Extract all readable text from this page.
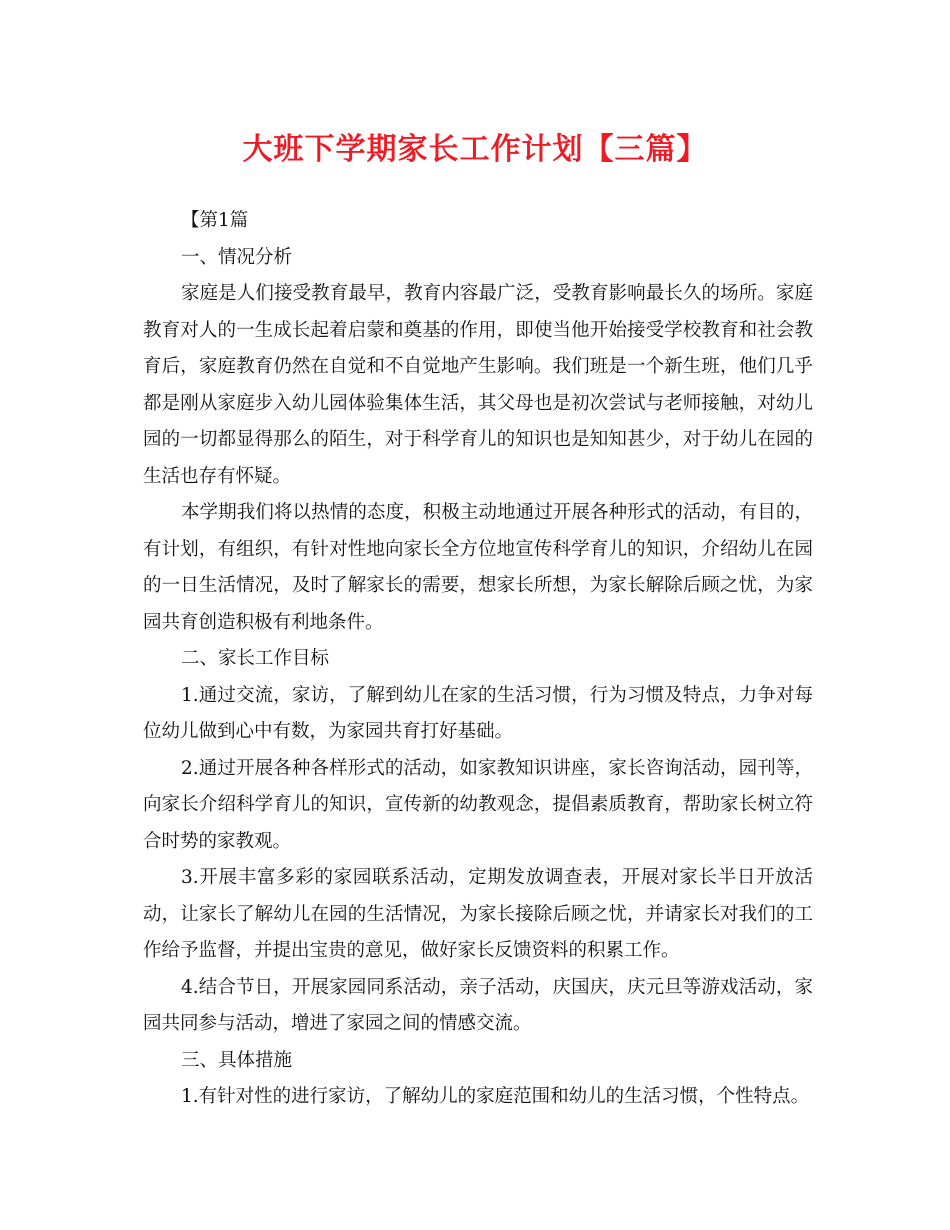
大班下学期家长工作计划【三篇】

【第1篇

一、情况分析

家庭是人们接受教育最早，教育内容最广泛，受教育影响最长久的场所。家庭教育对人的一生成长起着启蒙和奠基的作用，即使当他开始接受学校教育和社会教育后，家庭教育仍然在自觉和不自觉地产生影响。我们班是一个新生班，他们几乎都是刚从家庭步入幼儿园体验集体生活，其父母也是初次尝试与老师接触，对幼儿园的一切都显得那么的陌生，对于科学育儿的知识也是知知甚少，对于幼儿在园的生活也存有怀疑。

本学期我们将以热情的态度，积极主动地通过开展各种形式的活动，有目的，有计划，有组织，有针对性地向家长全方位地宣传科学育儿的知识，介绍幼儿在园的一日生活情况，及时了解家长的需要，想家长所想，为家长解除后顾之忧，为家园共育创造积极有利地条件。

二、家长工作目标

1.通过交流，家访，了解到幼儿在家的生活习惯，行为习惯及特点，力争对每位幼儿做到心中有数，为家园共育打好基础。

2.通过开展各种各样形式的活动，如家教知识讲座，家长咨询活动，园刊等，向家长介绍科学育儿的知识，宣传新的幼教观念，提倡素质教育，帮助家长树立符合时势的家教观。

3.开展丰富多彩的家园联系活动，定期发放调查表，开展对家长半日开放活动，让家长了解幼儿在园的生活情况，为家长接除后顾之忧，并请家长对我们的工作给予监督，并提出宝贵的意见，做好家长反馈资料的积累工作。

4.结合节日，开展家园同系活动，亲子活动，庆国庆，庆元旦等游戏活动，家园共同参与活动，增进了家园之间的情感交流。

三、具体措施

1.有针对性的进行家访，了解幼儿的家庭范围和幼儿的生活习惯，个性特点。
